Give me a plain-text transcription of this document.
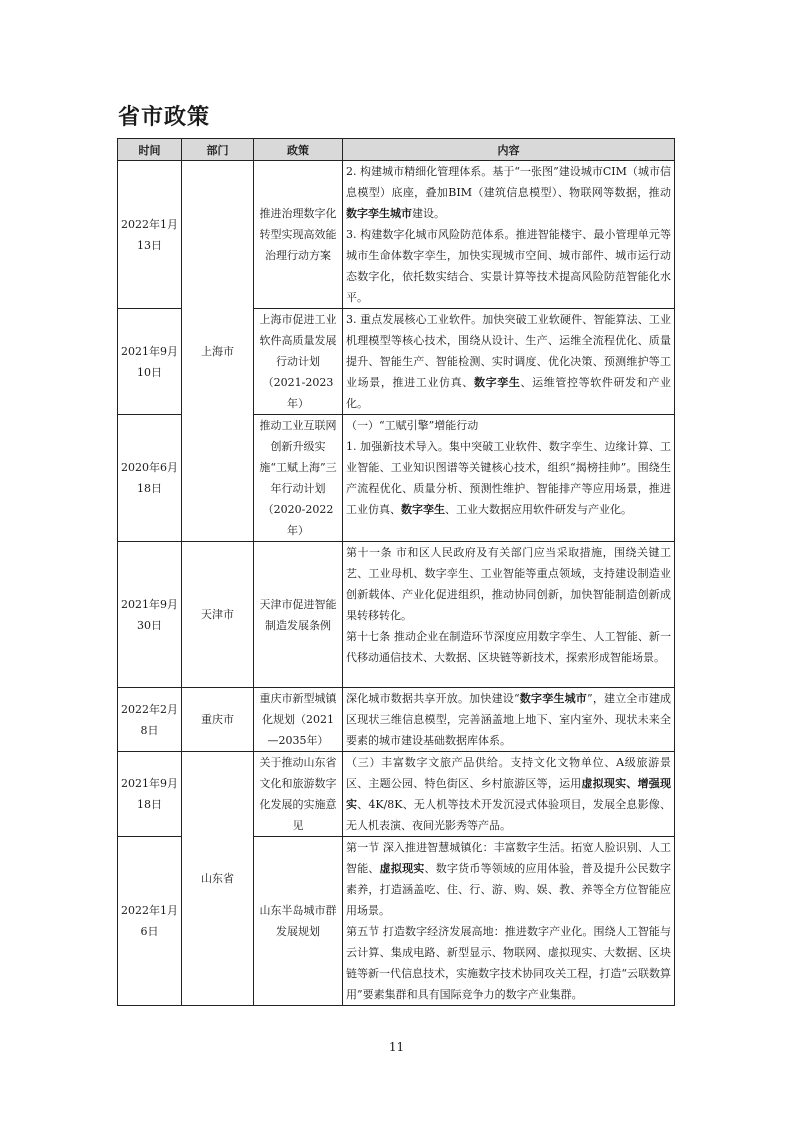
省市政策
时间	部门	政策	内容
2022年1月13日	上海市	推进治理数字化转型实现高效能治理行动方案	2. 构建城市精细化管理体系。基于“一张图”建设城市CIM（城市信息模型）底座，叠加BIM（建筑信息模型）、物联网等数据，推动数字孪生城市建设。

3. 构建数字化城市风险防范体系。推进智能楼宇、最小管理单元等城市生命体数字孪生，加快实现城市空间、城市部件、城市运行动态数字化，依托数实结合、实景计算等技术提高风险防范智能化水平。

2021年9月10日		上海市促进工业软件高质量发展行动计划（2021-2023年）	3. 重点发展核心工业软件。加快突破工业软硬件、智能算法、工业机理模型等核心技术，围绕从设计、生产、运维全流程优化、质量提升、智能生产、智能检测、实时调度、优化决策、预测维护等工业场景，推进工业仿真、数字孪生、运维管控等软件研发和产业化。

2020年6月18日		推动工业互联网创新升级实施“工赋上海”三年行动计划（2020-2022年）	（一）“工赋引擎”增能行动

1. 加强新技术导入。集中突破工业软件、数字孪生、边缘计算、工业智能、工业知识图谱等关键核心技术，组织“揭榜挂帅”。围绕生产流程优化、质量分析、预测性维护、智能排产等应用场景，推进工业仿真、数字孪生、工业大数据应用软件研发与产业化。

2021年9月30日	天津市	天津市促进智能制造发展条例	第十一条 市和区人民政府及有关部门应当采取措施，围绕关键工艺、工业母机、数字孪生、工业智能等重点领域，支持建设制造业创新载体、产业化促进组织，推动协同创新，加快智能制造创新成果转移转化。

第十七条 推动企业在制造环节深度应用数字孪生、人工智能、新一代移动通信技术、大数据、区块链等新技术，探索形成智能场景。

2022年2月8日	重庆市	重庆市新型城镇化规划（2021—2035年）	深化城市数据共享开放。加快建设“数字孪生城市”，建立全市建成区现状三维信息模型，完善涵盖地上地下、室内室外、现状未来全要素的城市建设基础数据库体系。

2021年9月18日	山东省	关于推动山东省文化和旅游数字化发展的实施意见	（三）丰富数字文旅产品供给。支持文化文物单位、A级旅游景区、主题公园、特色街区、乡村旅游区等，运用虚拟现实、增强现实、4K/8K、无人机等技术开发沉浸式体验项目，发展全息影像、无人机表演、夜间光影秀等产品。

2022年1月6日		山东半岛城市群发展规划	第一节 深入推进智慧城镇化：丰富数字生活。拓宽人脸识别、人工智能、虚拟现实、数字货币等领域的应用体验，普及提升公民数字素养，打造涵盖吃、住、行、游、购、娱、教、养等全方位智能应用场景。

第五节 打造数字经济发展高地：推进数字产业化。围绕人工智能与云计算、集成电路、新型显示、物联网、虚拟现实、大数据、区块链等新一代信息技术，实施数字技术协同攻关工程，打造“云联数算用”要素集群和具有国际竞争力的数字产业集群。

11
